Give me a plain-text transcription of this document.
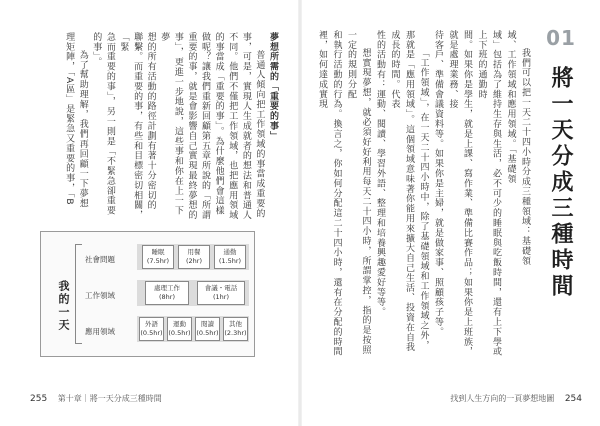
夢想所需的「重要的事」

普通人傾向把工作領域的事當成重要的

事，可是，實現人生成就者的想法和普通人

不同。他們不僅把工作領域，也把應用領域

的事當成「重要的事」。為什麼他們會這樣

做呢？讓我們重新回顧第五章所說的「所謂

重要的事，就是會影響自己實現最終夢想的

事」，更進一步地說，這些事和你在上一下夢

想的所有活動的路徑計劃有著十分密切的

聯繫。而重要的事，有些和目標密切相關，「緊

急而重要的事」，另一則是「不緊急卻重要

的事」。

為了幫助理解，我們再回顧一下夢想

理矩陣，「A區」是緊急又重要的事，「B

我的一天
社會問題
睡眠
(7.5hr)
用餐
(2hr)
通勤
(1.5hr)
工作領域
處理工作
(8hr)
會議・電話
(1hr)
應用領域
外語
(0.5hr)
運動
(0.5hr)
閱讀
(0.5hr)
其他
(2.3hr)
255 第十章｜將一天分成三種時間
01
將一天分成三種時間

我們可以把一天二十四小時分成三種領域：基礎領

域、工作領域和應用領域。「基礎領

域」包括為了維持生存與生活，必不可少的睡眠與吃飯時間，還有上下學或上下班的通勤時

間。如果你是學生，就是上課、寫作業、準備比賽作品；如果你是上班族，就是處理業務、接

待客戶、準備會議資料等。如果你是主婦，就是做家事、照顧孩子等。

「工作領域」，在一天二十四小時中，除了基礎領域和工作領域之外，

那就是「應用領域」。這個領域意味著你能用來擴大自己生活、投資在自我成長的時間。代表

性的活動有：運動、閱讀、學習外語、整理和培養興趣愛好等等。

想實現夢想，就必須好好利用每天二十四小時，所謂掌控，指的是按照一定的規則分配

和執行活動的行為。換言之，你如何分配這二十四小時，還有在分配的時間裡，如何達成實現

找到人生方向的一頁夢想地圖 254
